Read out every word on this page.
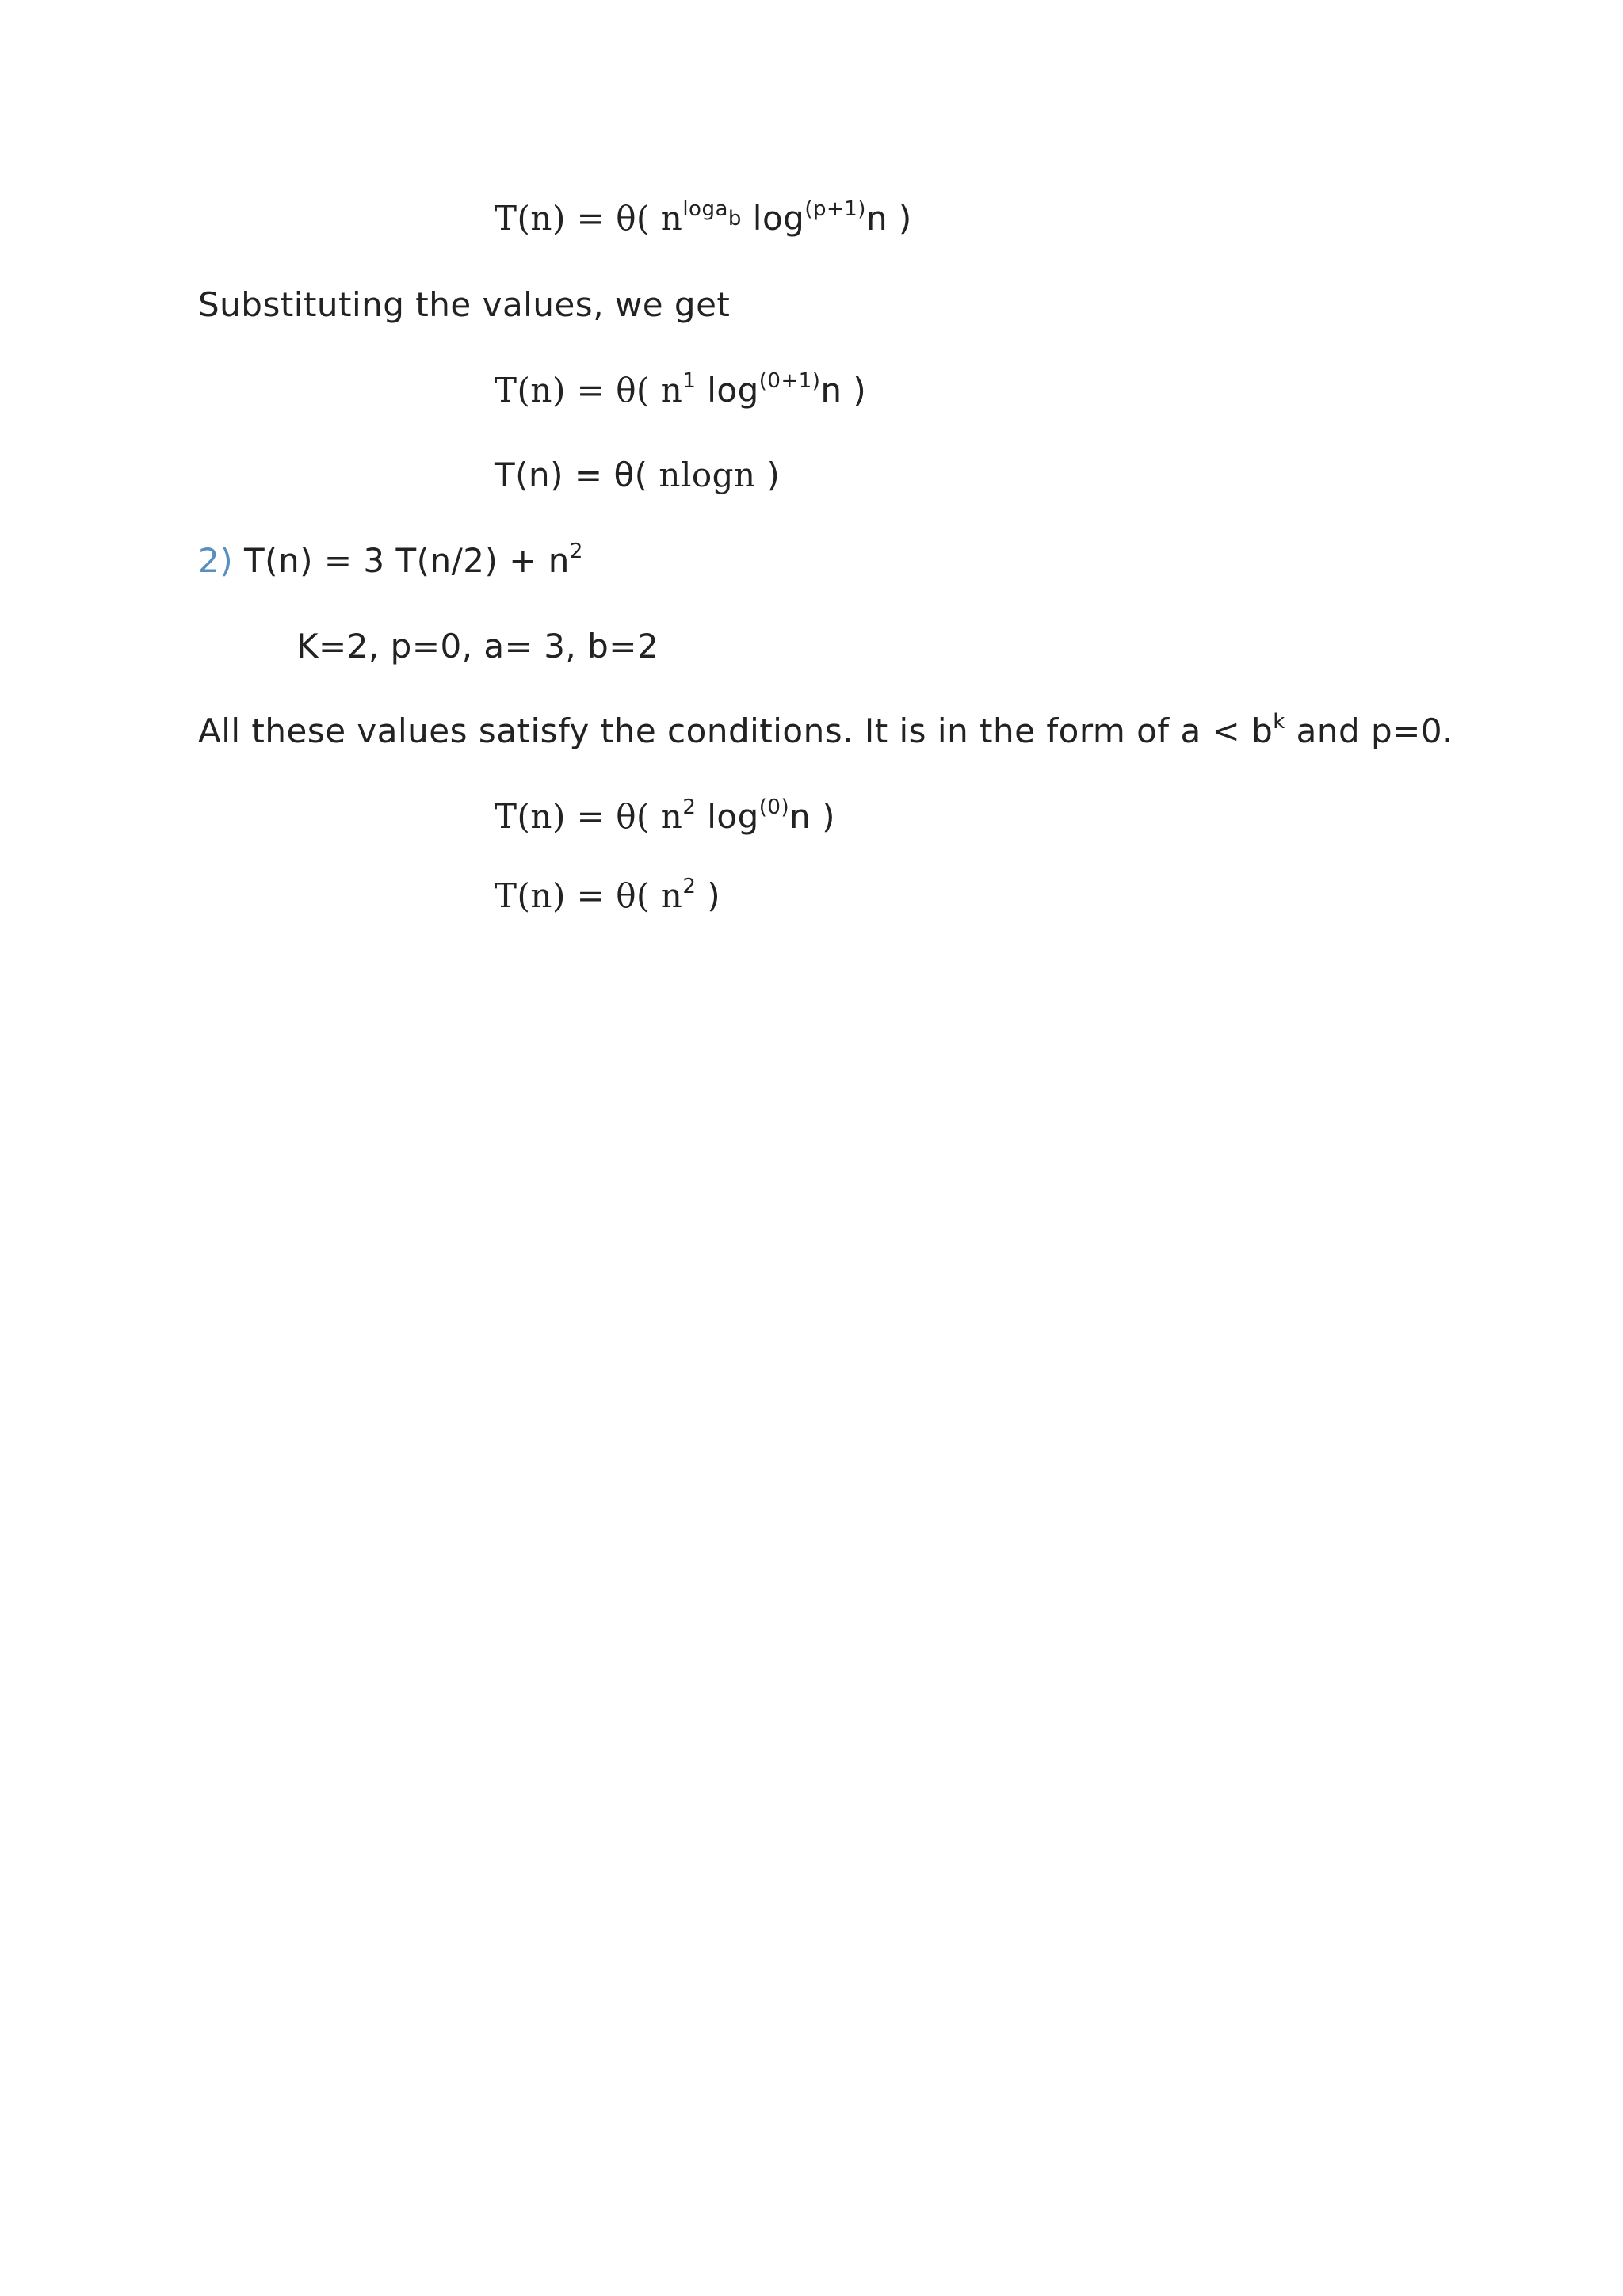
T(n) = θ( $n^{loga_b}$ $\log^{(p+1)}n$ )
Substituting the values, we get
T(n) = θ( $n^1$ $\log^{(0+1)}n$ )
T(n) = θ( nlogn )
2) T(n) = 3 $T(n/2) + n^2$
K=2, p=0, a= 3, b=2
All these values satisfy the conditions. It is in the form of $a < b^k$ and p=0.
T(n) = θ( $n^2$ $\log^{(0)}n$ )
T(n) = θ( $n^2$ )
